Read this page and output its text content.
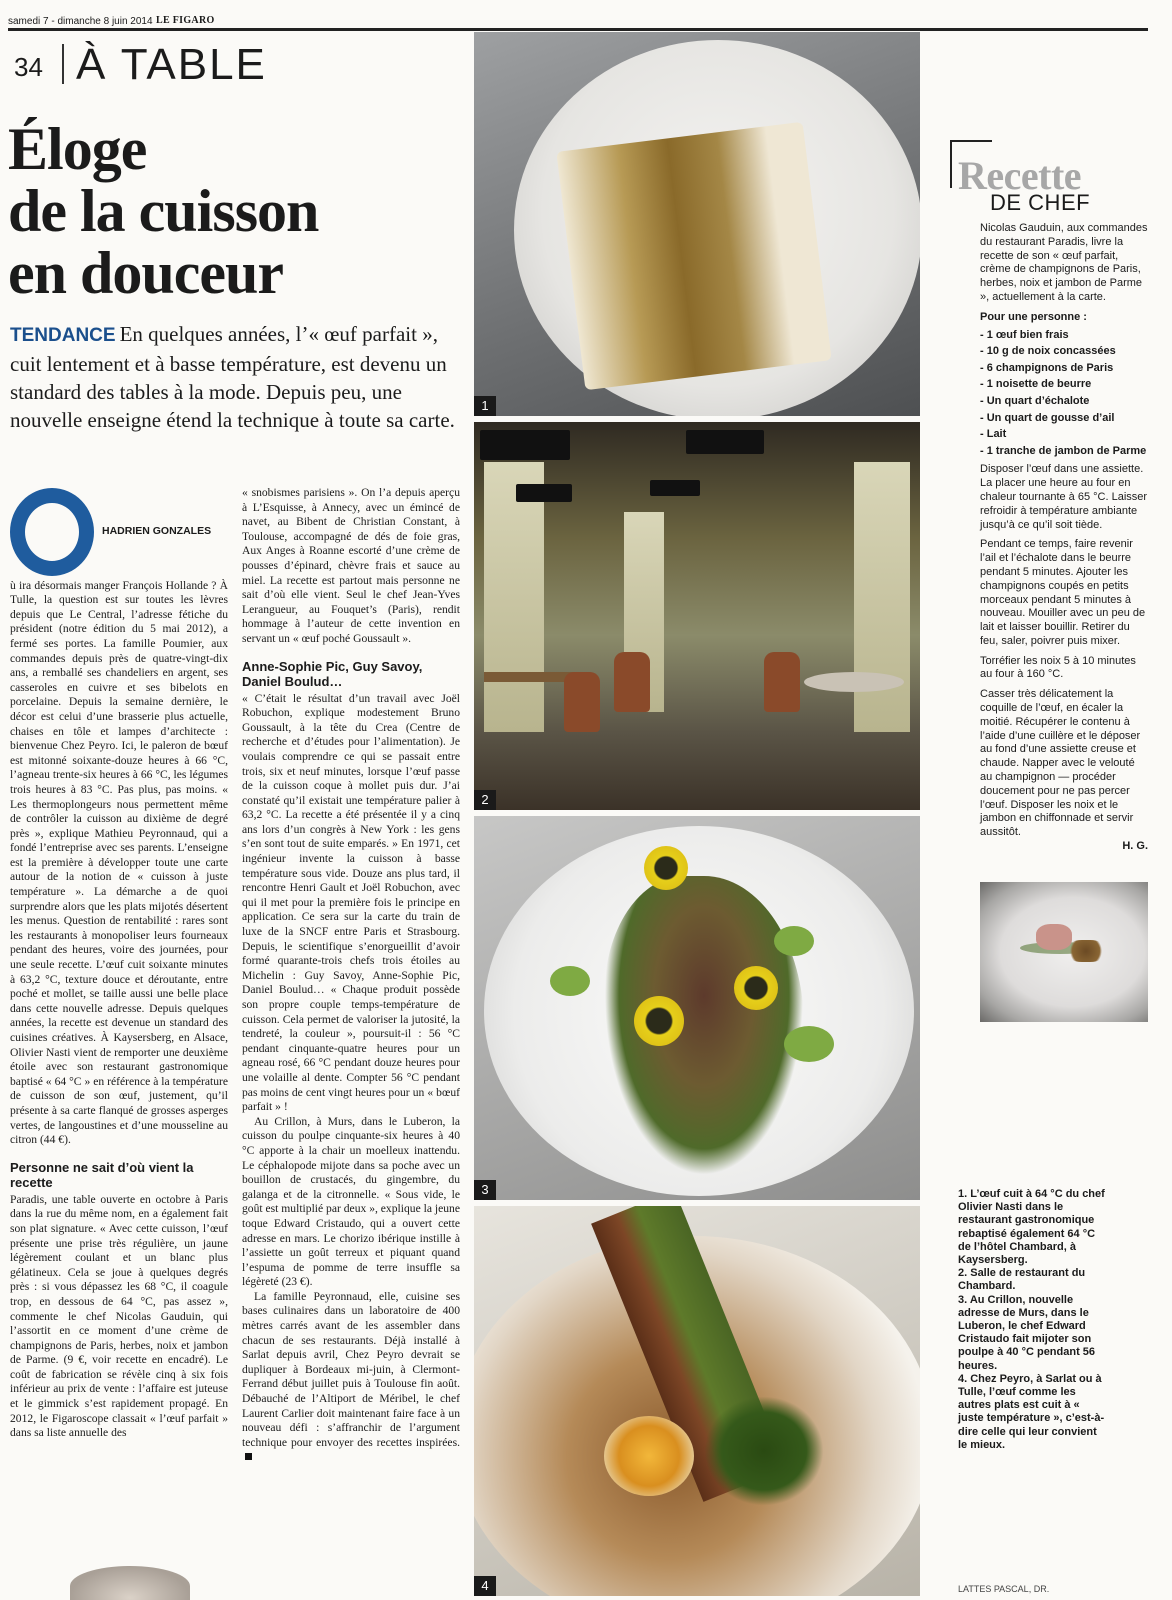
samedi 7 - dimanche 8 juin 2014 LE FIGARO
34 À TABLE
Éloge
de la cuisson
en douceur
TENDANCE En quelques années, l’« œuf parfait », cuit lentement et à basse température, est devenu un standard des tables à la mode. Depuis peu, une nouvelle enseigne étend la technique à toute sa carte.
HADRIEN GONZALES

ù ira désormais manger François Hollande ? À Tulle, la question est sur toutes les lèvres depuis que Le Central, l’adresse fétiche du président (notre édition du 5 mai 2012), a fermé ses portes. La famille Poumier, aux commandes depuis près de quatre-vingt-dix ans, a remballé ses chandeliers en argent, ses casseroles en cuivre et ses bibelots en porcelaine. Depuis la semaine dernière, le décor est celui d’une brasserie plus actuelle, chaises en tôle et lampes d’architecte : bienvenue Chez Peyro. Ici, le paleron de bœuf est mitonné soixante-douze heures à 66 °C, l’agneau trente-six heures à 66 °C, les légumes trois heures à 83 °C. Pas plus, pas moins. « Les thermoplongeurs nous permettent même de contrôler la cuisson au dixième de degré près », explique Mathieu Peyronnaud, qui a fondé l’entreprise avec ses parents. L’enseigne est la première à développer toute une carte autour de la notion de « cuisson à juste température ». La démarche a de quoi surprendre alors que les plats mijotés désertent les menus. Question de rentabilité : rares sont les restaurants à monopoliser leurs fourneaux pendant des heures, voire des journées, pour une seule recette. L’œuf cuit soixante minutes à 63,2 °C, texture douce et déroutante, entre poché et mollet, se taille aussi une belle place dans cette nouvelle adresse. Depuis quelques années, la recette est devenue un standard des cuisines créatives. À Kaysersberg, en Alsace, Olivier Nasti vient de remporter une deuxième étoile avec son restaurant gastronomique baptisé « 64 °C » en référence à la température de cuisson de son œuf, justement, qu’il présente à sa carte flanqué de grosses asperges vertes, de langoustines et d’une mousseline au citron (44 €).

Personne ne sait d’où vient la recette

Paradis, une table ouverte en octobre à Paris dans la rue du même nom, en a également fait son plat signature. « Avec cette cuisson, l’œuf présente une prise très régulière, un jaune légèrement coulant et un blanc plus gélatineux. Cela se joue à quelques degrés près : si vous dépassez les 68 °C, il coagule trop, en dessous de 64 °C, pas assez », commente le chef Nicolas Gauduin, qui l’assortit en ce moment d’une crème de champignons de Paris, herbes, noix et jambon de Parme. (9 €, voir recette en encadré). Le coût de fabrication se révèle cinq à six fois inférieur au prix de vente : l’affaire est juteuse et le gimmick s’est rapidement propagé. En 2012, le Figaroscope classait « l’œuf parfait » dans sa liste annuelle des

« snobismes parisiens ». On l’a depuis aperçu à L’Esquisse, à Annecy, avec un émincé de navet, au Bibent de Christian Constant, à Toulouse, accompagné de dés de foie gras, Aux Anges à Roanne escorté d’une crème de pousses d’épinard, chèvre frais et sauce au miel. La recette est partout mais personne ne sait d’où elle vient. Seul le chef Jean-Yves Lerangueur, au Fouquet’s (Paris), rendit hommage à l’auteur de cette invention en servant un « œuf poché Goussault ».

Anne-Sophie Pic, Guy Savoy, Daniel Boulud…

« C’était le résultat d’un travail avec Joël Robuchon, explique modestement Bruno Goussault, à la tête du Crea (Centre de recherche et d’études pour l’alimentation). Je voulais comprendre ce qui se passait entre trois, six et neuf minutes, lorsque l’œuf passe de la cuisson coque à mollet puis dur. J’ai constaté qu’il existait une température palier à 63,2 °C. La recette a été présentée il y a cinq ans lors d’un congrès à New York : les gens s’en sont tout de suite emparés. » En 1971, cet ingénieur invente la cuisson à basse température sous vide. Douze ans plus tard, il rencontre Henri Gault et Joël Robuchon, avec qui il met pour la première fois le principe en application. Ce sera sur la carte du train de luxe de la SNCF entre Paris et Strasbourg. Depuis, le scientifique s’enorgueillit d’avoir formé quarante-trois chefs trois étoiles au Michelin : Guy Savoy, Anne-Sophie Pic, Daniel Boulud… « Chaque produit possède son propre couple temps-température de cuisson. Cela permet de valoriser la jutosité, la tendreté, la couleur », poursuit-il : 56 °C pendant cinquante-quatre heures pour un agneau rosé, 66 °C pendant douze heures pour une volaille al dente. Compter 56 °C pendant pas moins de cent vingt heures pour un « bœuf parfait » !

Au Crillon, à Murs, dans le Luberon, la cuisson du poulpe cinquante-six heures à 40 °C apporte à la chair un moelleux inattendu. Le céphalopode mijote dans sa poche avec un bouillon de crustacés, du gingembre, du galanga et de la citronnelle. « Sous vide, le goût est multiplié par deux », explique la jeune toque Edward Cristaudo, qui a ouvert cette adresse en mars. Le chorizo ibérique instille à l’assiette un goût terreux et piquant quand l’espuma de pomme de terre insuffle sa légèreté (23 €).

La famille Peyronnaud, elle, cuisine ses bases culinaires dans un laboratoire de 400 mètres carrés avant de les assembler dans chacun de ses restaurants. Déjà installé à Sarlat depuis avril, Chez Peyro devrait se dupliquer à Bordeaux mi-juin, à Clermont-Ferrand début juillet puis à Toulouse fin août. Débauché de l’Altiport de Méribel, le chef Laurent Carlier doit maintenant faire face à un nouveau défi : s’affranchir de l’argument technique pour envoyer des recettes inspirées.

1
2
3
4
Recette
DE CHEF

Nicolas Gauduin, aux commandes du restaurant Paradis, livre la recette de son « œuf parfait, crème de champignons de Paris, herbes, noix et jambon de Parme », actuellement à la carte.

Pour une personne :
- 1 œuf bien frais
- 10 g de noix concassées
- 6 champignons de Paris
- 1 noisette de beurre
- Un quart d’échalote
- Un quart de gousse d’ail
- Lait
- 1 tranche de jambon de Parme

Disposer l’œuf dans une assiette. La placer une heure au four en chaleur tournante à 65 °C. Laisser refroidir à température ambiante jusqu’à ce qu’il soit tiède.

Pendant ce temps, faire revenir l’ail et l’échalote dans le beurre pendant 5 minutes. Ajouter les champignons coupés en petits morceaux pendant 5 minutes à nouveau. Mouiller avec un peu de lait et laisser bouillir. Retirer du feu, saler, poivrer puis mixer.

Torréfier les noix 5 à 10 minutes au four à 160 °C.

Casser très délicatement la coquille de l’œuf, en écaler la moitié. Récupérer le contenu à l’aide d’une cuillère et le déposer au fond d’une assiette creuse et chaude. Napper avec le velouté au champignon — procéder doucement pour ne pas percer l’œuf. Disposer les noix et le jambon en chiffonnade et servir aussitôt.

H. G.

1. L’œuf cuit à 64 °C du chef Olivier Nasti dans le restaurant gastronomique rebaptisé également 64 °C de l’hôtel Chambard, à Kaysersberg.

2. Salle de restaurant du Chambard.

3. Au Crillon, nouvelle adresse de Murs, dans le Luberon, le chef Edward Cristaudo fait mijoter son poulpe à 40 °C pendant 56 heures.

4. Chez Peyro, à Sarlat ou à Tulle, l’œuf comme les autres plats est cuit à « juste température », c’est-à-dire celle qui leur convient le mieux.

LATTES PASCAL, DR.
